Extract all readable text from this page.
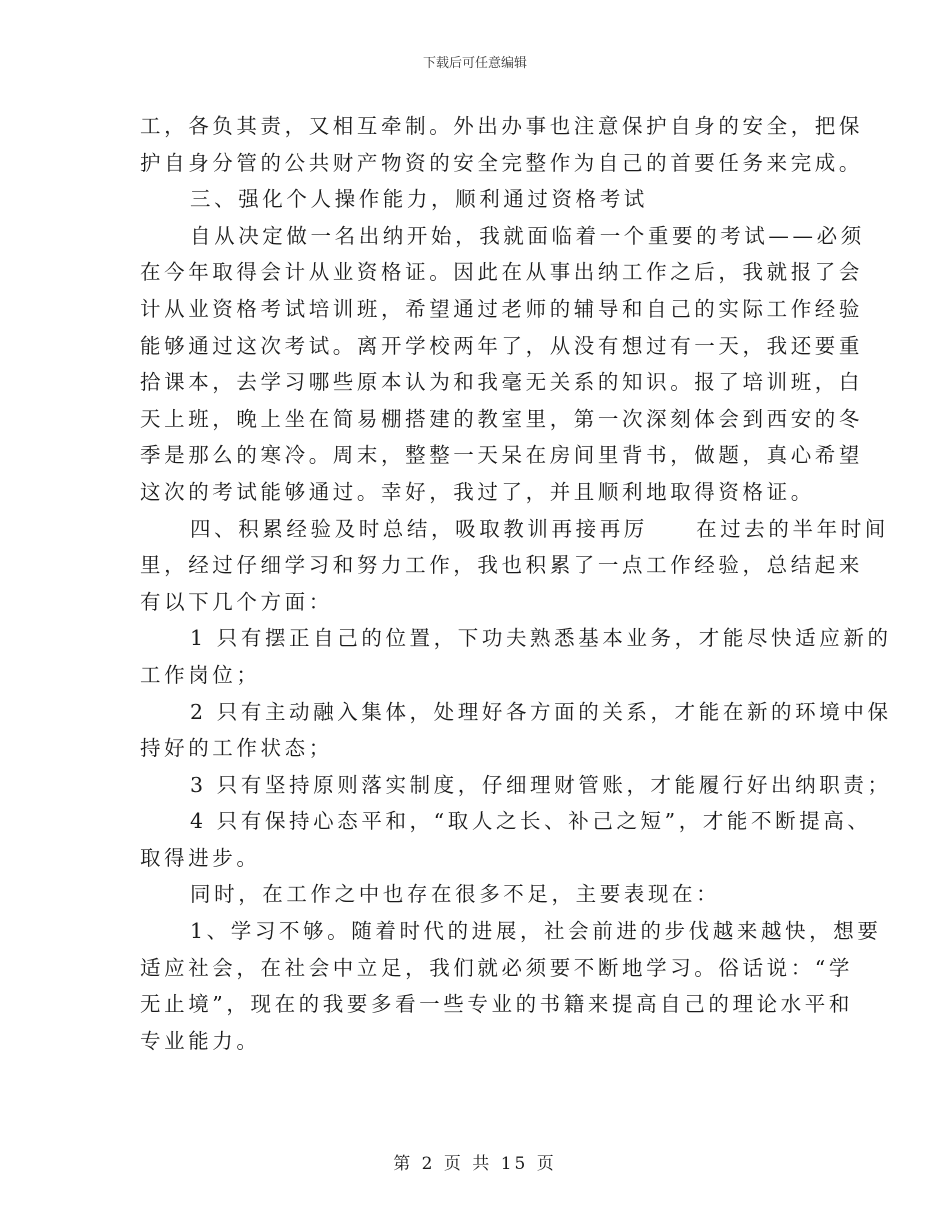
下载后可任意编辑
工，各负其责，又相互牵制。外出办事也注意保护自身的安全，把保
护自身分管的公共财产物资的安全完整作为自己的首要任务来完成。
三、强化个人操作能力，顺利通过资格考试
自从决定做一名出纳开始，我就面临着一个重要的考试——必须
在今年取得会计从业资格证。因此在从事出纳工作之后，我就报了会
计从业资格考试培训班，希望通过老师的辅导和自己的实际工作经验
能够通过这次考试。离开学校两年了，从没有想过有一天，我还要重
拾课本，去学习哪些原本认为和我毫无关系的知识。报了培训班，白
天上班，晚上坐在简易棚搭建的教室里，第一次深刻体会到西安的冬
季是那么的寒冷。周末，整整一天呆在房间里背书，做题，真心希望
这次的考试能够通过。幸好，我过了，并且顺利地取得资格证。
四、积累经验及时总结，吸取教训再接再厉　　在过去的半年时间
里，经过仔细学习和努力工作，我也积累了一点工作经验，总结起来
有以下几个方面：
1 只有摆正自己的位置，下功夫熟悉基本业务，才能尽快适应新的
工作岗位；
2 只有主动融入集体，处理好各方面的关系，才能在新的环境中保
持好的工作状态；
3 只有坚持原则落实制度，仔细理财管账，才能履行好出纳职责；
4 只有保持心态平和，“取人之长、补己之短”，才能不断提高、
取得进步。
同时，在工作之中也存在很多不足，主要表现在：
1、学习不够。随着时代的进展，社会前进的步伐越来越快，想要
适应社会，在社会中立足，我们就必须要不断地学习。俗话说：“学
无止境”，现在的我要多看一些专业的书籍来提高自己的理论水平和
专业能力。
第 2 页 共 15 页
